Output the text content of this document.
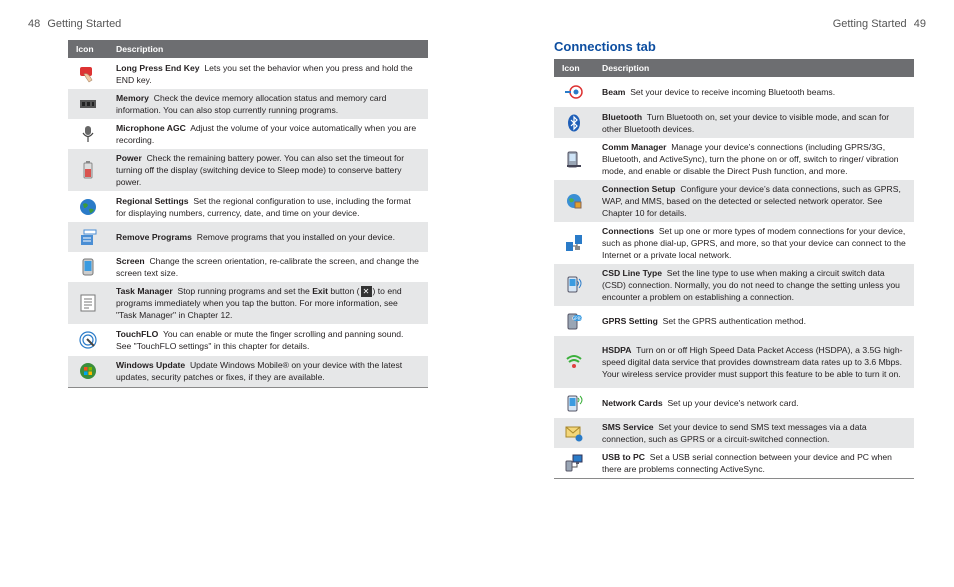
48 Getting Started	Getting Started 49
Connections tab
Icon	Description
	Long Press End Key Lets you set the behavior when you press and hold the END key.
	Memory Check the device memory allocation status and memory card information. You can also stop currently running programs.
	Microphone AGC Adjust the volume of your voice automatically when you are recording.
	Power Check the remaining battery power. You can also set the timeout for turning off the display (switching device to Sleep mode) to conserve battery power.
	Regional Settings Set the regional configuration to use, including the format for displaying numbers, currency, date, and time on your device.
	Remove Programs Remove programs that you installed on your device.
	Screen Change the screen orientation, re-calibrate the screen, and change the screen text size.
	Task Manager Stop running programs and set the Exit button ( ✕ ) to end programs immediately when you tap the button. For more information, see "Task Manager" in Chapter 12.
	TouchFLO You can enable or mute the finger scrolling and panning sound. See "TouchFLO settings" in this chapter for details.
	Windows Update Update Windows Mobile® on your device with the latest updates, security patches or fixes, if they are available.
Icon	Description
	Beam Set your device to receive incoming Bluetooth beams.
	Bluetooth Turn Bluetooth on, set your device to visible mode, and scan for other Bluetooth devices.
	Comm Manager Manage your device’s connections (including GPRS/3G, Bluetooth, and ActiveSync), turn the phone on or off, switch to ringer/ vibration mode, and enable or disable the Direct Push function, and more.
	Connection Setup Configure your device’s data connections, such as GPRS, WAP, and MMS, based on the detected or selected network operator. See Chapter 10 for details.
	Connections Set up one or more types of modem connections for your device, such as phone dial-up, GPRS, and more, so that your device can connect to the Internet or a private local network.
	CSD Line Type Set the line type to use when making a circuit switch data (CSD) connection. Normally, you do not need to change the setting unless you encounter a problem on establishing a connection.

GPRS	GPRS Setting Set the GPRS authentication method.
	HSDPA Turn on or off High Speed Data Packet Access (HSDPA), a 3.5G high-speed digital data service that provides downstream data rates up to 3.6 Mbps. Your wireless service provider must support this feature to be able to turn it on.
	Network Cards Set up your device's network card.
	SMS Service Set your device to send SMS text messages via a data connection, such as GPRS or a circuit-switched connection.
	USB to PC Set a USB serial connection between your device and PC when there are problems connecting ActiveSync.
